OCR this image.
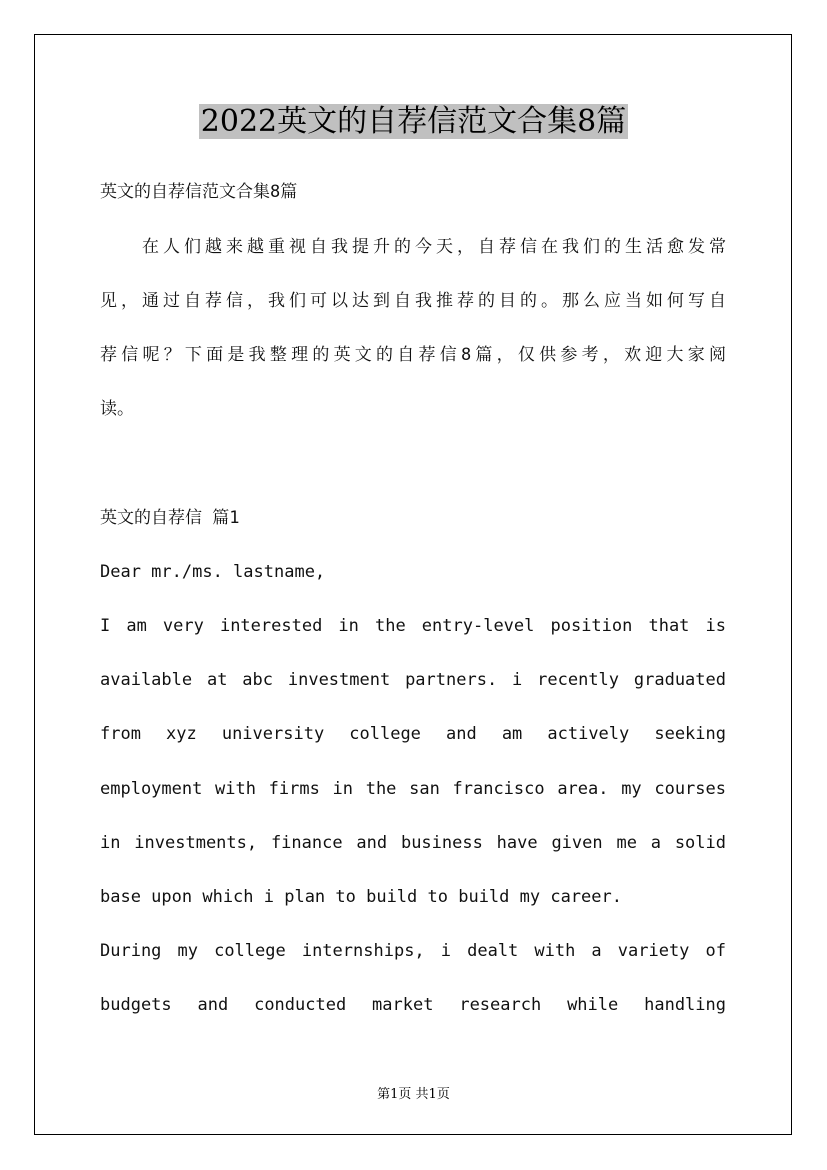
2022英文的自荐信范文合集8篇
英文的自荐信范文合集8篇
　　在人们越来越重视自我提升的今天，自荐信在我们的生活愈发常
见，通过自荐信，我们可以达到自我推荐的目的。那么应当如何写自
荐信呢？下面是我整理的英文的自荐信8篇，仅供参考，欢迎大家阅
读。
英文的自荐信 篇1
Dear mr./ms. lastname,
I am very interested in the entry-level position that is
available at abc investment partners. i recently graduated
from xyz university college and am actively seeking
employment with firms in the san francisco area. my courses
in investments, finance and business have given me a solid
base upon which i plan to build to build my career.
During my college internships, i dealt with a variety of
budgets and conducted market research while handling
第1页 共1页
